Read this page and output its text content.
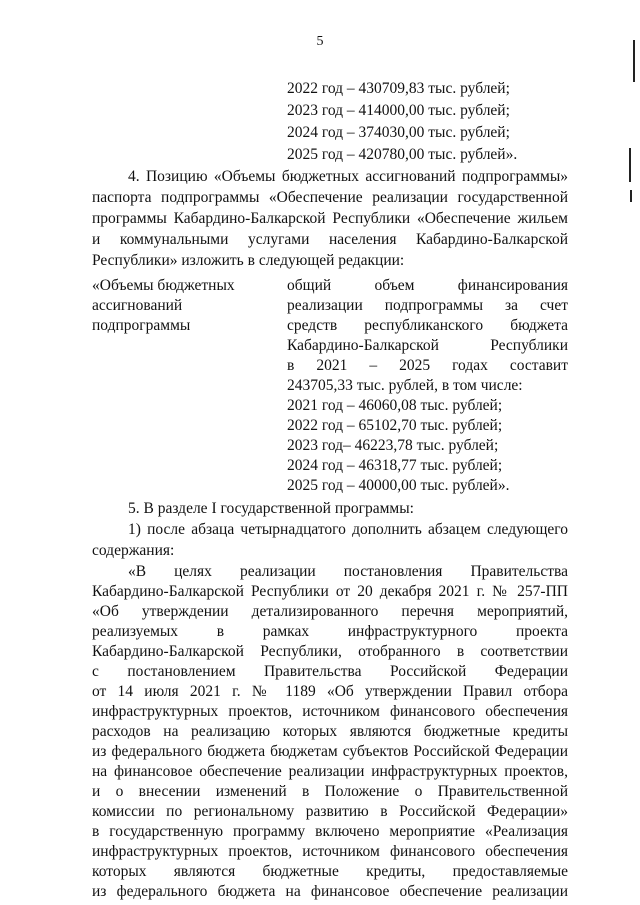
5
2022 год – 430709,83 тыс. рублей;
2023 год – 414000,00 тыс. рублей;
2024 год – 374030,00 тыс. рублей;
2025 год – 420780,00 тыс. рублей».
4. Позицию «Объемы бюджетных ассигнований подпрограммы»
паспорта подпрограммы «Обеспечение реализации государственной
программы Кабардино-Балкарской Республики «Обеспечение жильем
и коммунальными услугами населения Кабардино-Балкарской
Республики» изложить в следующей редакции:
«Объемы бюджетных
ассигнований
подпрограммы
общий объем финансирования
реализации подпрограммы за счет
средств республиканского бюджета
Кабардино-Балкарской Республики
в 2021 – 2025 годах составит
243705,33 тыс. рублей, в том числе:
2021 год – 46060,08 тыс. рублей;
2022 год – 65102,70 тыс. рублей;
2023 год– 46223,78 тыс. рублей;
2024 год – 46318,77 тыс. рублей;
2025 год – 40000,00 тыс. рублей».
5. В разделе I государственной программы:
1) после абзаца четырнадцатого дополнить абзацем следующего
содержания:
«В целях реализации постановления Правительства
Кабардино-Балкарской Республики от 20 декабря 2021 г. № 257-ПП
«Об утверждении детализированного перечня мероприятий,
реализуемых в рамках инфраструктурного проекта
Кабардино-Балкарской Республики, отобранного в соответствии
с постановлением Правительства Российской Федерации
от 14 июля 2021 г. № 1189 «Об утверждении Правил отбора
инфраструктурных проектов, источником финансового обеспечения
расходов на реализацию которых являются бюджетные кредиты
из федерального бюджета бюджетам субъектов Российской Федерации
на финансовое обеспечение реализации инфраструктурных проектов,
и о внесении изменений в Положение о Правительственной
комиссии по региональному развитию в Российской Федерации»
в государственную программу включено мероприятие «Реализация
инфраструктурных проектов, источником финансового обеспечения
которых являются бюджетные кредиты, предоставляемые
из федерального бюджета на финансовое обеспечение реализации
